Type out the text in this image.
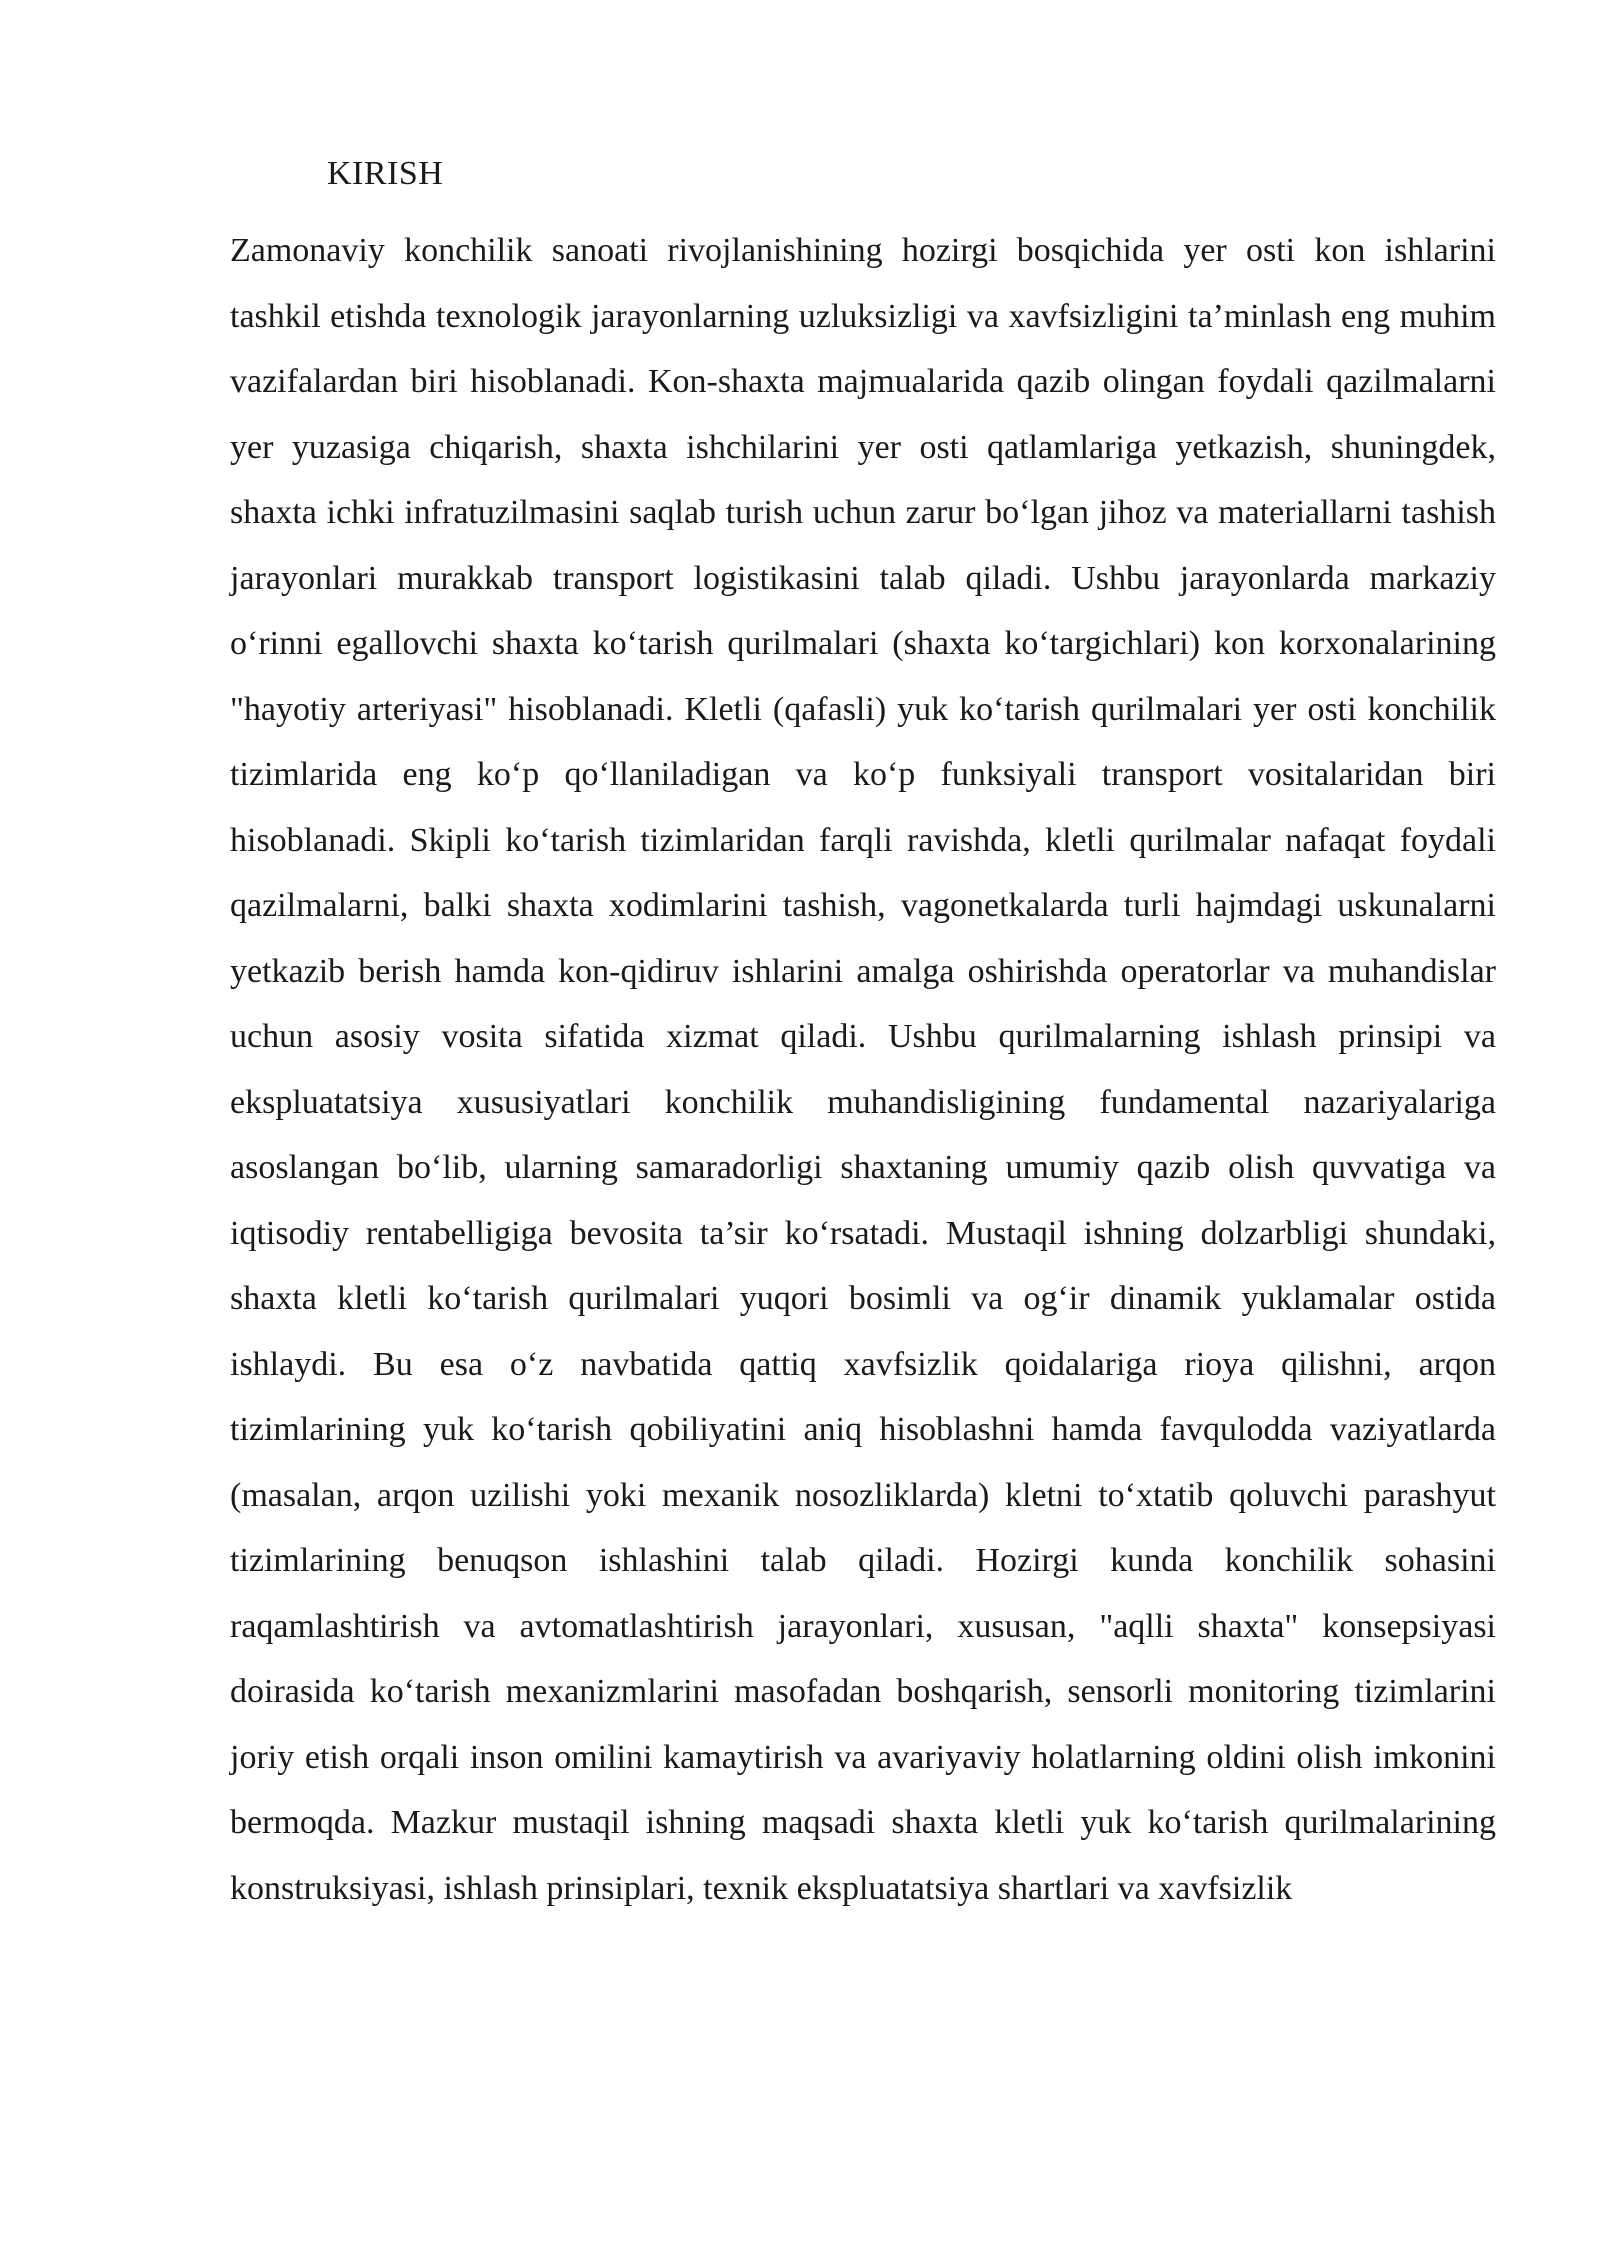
KIRISH

Zamonaviy konchilik sanoati rivojlanishining hozirgi bosqichida yer osti kon ishlarini tashkil etishda texnologik jarayonlarning uzluksizligi va xavfsizligini ta’minlash eng muhim vazifalardan biri hisoblanadi. Kon-shaxta majmualarida qazib olingan foydali qazilmalarni yer yuzasiga chiqarish, shaxta ishchilarini yer osti qatlamlariga yetkazish, shuningdek, shaxta ichki infratuzilmasini saqlab turish uchun zarur bo‘lgan jihoz va materiallarni tashish jarayonlari murakkab transport logistikasini talab qiladi. Ushbu jarayonlarda markaziy o‘rinni egallovchi shaxta ko‘tarish qurilmalari (shaxta ko‘targichlari) kon korxonalarining "hayotiy arteriyasi" hisoblanadi. Kletli (qafasli) yuk ko‘tarish qurilmalari yer osti konchilik tizimlarida eng ko‘p qo‘llaniladigan va ko‘p funksiyali transport vositalaridan biri hisoblanadi. Skipli ko‘tarish tizimlaridan farqli ravishda, kletli qurilmalar nafaqat foydali qazilmalarni, balki shaxta xodimlarini tashish, vagonetkalarda turli hajmdagi uskunalarni yetkazib berish hamda kon-qidiruv ishlarini amalga oshirishda operatorlar va muhandislar uchun asosiy vosita sifatida xizmat qiladi. Ushbu qurilmalarning ishlash prinsipi va ekspluatatsiya xususiyatlari konchilik muhandisligining fundamental nazariyalariga asoslangan bo‘lib, ularning samaradorligi shaxtaning umumiy qazib olish quvvatiga va iqtisodiy rentabelligiga bevosita ta’sir ko‘rsatadi. Mustaqil ishning dolzarbligi shundaki, shaxta kletli ko‘tarish qurilmalari yuqori bosimli va og‘ir dinamik yuklamalar ostida ishlaydi. Bu esa o‘z navbatida qattiq xavfsizlik qoidalariga rioya qilishni, arqon tizimlarining yuk ko‘tarish qobiliyatini aniq hisoblashni hamda favqulodda vaziyatlarda (masalan, arqon uzilishi yoki mexanik nosozliklarda) kletni to‘xtatib qoluvchi parashyut tizimlarining benuqson ishlashini talab qiladi. Hozirgi kunda konchilik sohasini raqamlashtirish va avtomatlashtirish jarayonlari, xususan, "aqlli shaxta" konsepsiyasi doirasida ko‘tarish mexanizmlarini masofadan boshqarish, sensorli monitoring tizimlarini joriy etish orqali inson omilini kamaytirish va avariyaviy holatlarning oldini olish imkonini bermoqda. Mazkur mustaqil ishning maqsadi shaxta kletli yuk ko‘tarish qurilmalarining konstruksiyasi, ishlash prinsiplari, texnik ekspluatatsiya shartlari va xavfsizlik
